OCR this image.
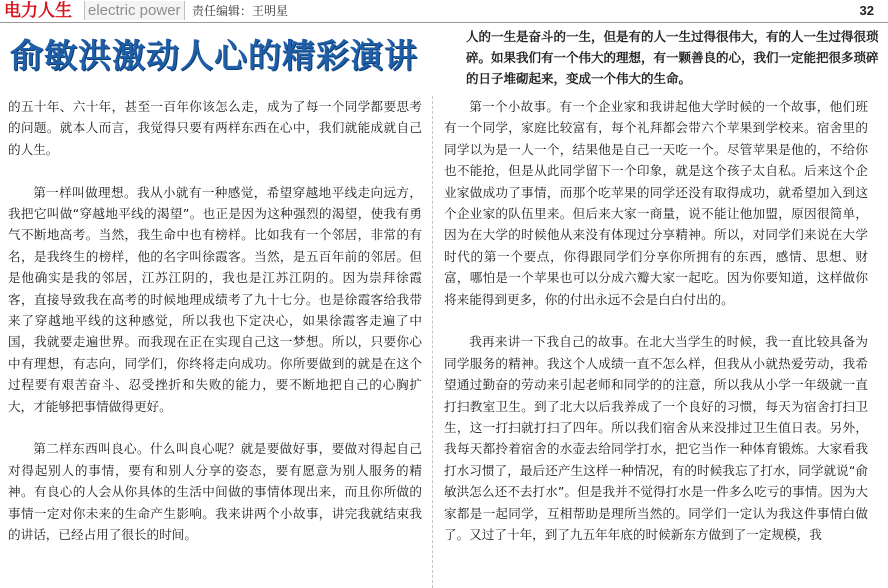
电力人生 electric power 责任编辑：王明星	32
俞敏洪激动人心的精彩演讲	人的一生是奋斗的一生，但是有的人一生过得很伟大，有的人一生过得很琐碎。如果我们有一个伟大的理想，有一颗善良的心，我们一定能把很多琐碎的日子堆砌起来，变成一个伟大的生命。

的五十年、六十年，甚至一百年你该怎么走，成为了每一个同学都要思考的问题。就本人而言，我觉得只要有两样东西在心中，我们就能成就自己的人生。

第一样叫做理想。我从小就有一种感觉，希望穿越地平线走向远方，我把它叫做“穿越地平线的渴望”。也正是因为这种强烈的渴望，使我有勇气不断地高考。当然，我生命中也有榜样。比如我有一个邻居，非常的有名，是我终生的榜样，他的名字叫徐霞客。当然，是五百年前的邻居。但是他确实是我的邻居，江苏江阴的，我也是江苏江阴的。因为崇拜徐霞客，直接导致我在高考的时候地理成绩考了九十七分。也是徐霞客给我带来了穿越地平线的这种感觉，所以我也下定决心，如果徐霞客走遍了中国，我就要走遍世界。而我现在正在实现自己这一梦想。所以，只要你心中有理想，有志向，同学们，你终将走向成功。你所要做到的就是在这个过程要有艰苦奋斗、忍受挫折和失败的能力，要不断地把自己的心胸扩大，才能够把事情做得更好。

第二样东西叫良心。什么叫良心呢？就是要做好事，要做对得起自己对得起别人的事情，要有和别人分享的姿态，要有愿意为别人服务的精神。有良心的人会从你具体的生活中间做的事情体现出来，而且你所做的事情一定对你未来的生命产生影响。我来讲两个小故事，讲完我就结束我的讲话，已经占用了很长的时间。

第一个小故事。有一个企业家和我讲起他大学时候的一个故事，他们班有一个同学，家庭比较富有，每个礼拜都会带六个苹果到学校来。宿舍里的同学以为是一人一个，结果他是自己一天吃一个。尽管苹果是他的，不给你也不能抢，但是从此同学留下一个印象，就是这个孩子太自私。后来这个企业家做成功了事情，而那个吃苹果的同学还没有取得成功，就希望加入到这个企业家的队伍里来。但后来大家一商量，说不能让他加盟，原因很简单，因为在大学的时候他从来没有体现过分享精神。所以，对同学们来说在大学时代的第一个要点，你得跟同学们分享你所拥有的东西，感情、思想、财富，哪怕是一个苹果也可以分成六瓣大家一起吃。因为你要知道，这样做你将来能得到更多，你的付出永远不会是白白付出的。

我再来讲一下我自己的故事。在北大当学生的时候，我一直比较具备为同学服务的精神。我这个人成绩一直不怎么样，但我从小就热爱劳动，我希望通过勤奋的劳动来引起老师和同学的的注意，所以我从小学一年级就一直打扫教室卫生。到了北大以后我养成了一个良好的习惯，每天为宿舍打扫卫生，这一打扫就打扫了四年。所以我们宿舍从来没排过卫生值日表。另外，我每天都拎着宿舍的水壶去给同学打水，把它当作一种体育锻炼。大家看我打水习惯了，最后还产生这样一种情况，有的时候我忘了打水，同学就说“俞敏洪怎么还不去打水”。但是我并不觉得打水是一件多么吃亏的事情。因为大家都是一起同学，互相帮助是理所当然的。同学们一定认为我这件事情白做了。又过了十年，到了九五年年底的时候新东方做到了一定规模，我
